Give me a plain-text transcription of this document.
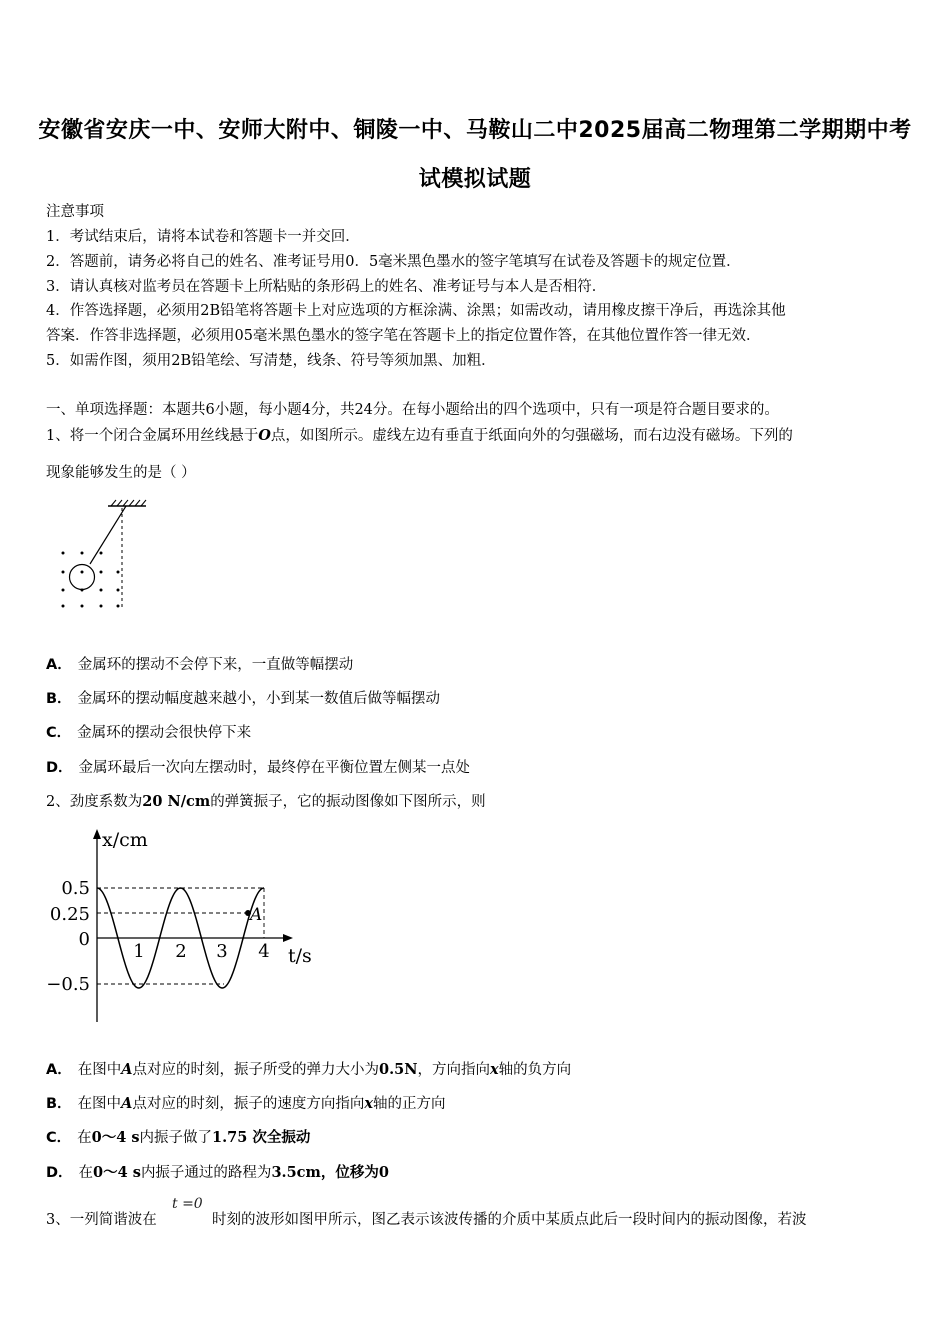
安徽省安庆一中、安师大附中、铜陵一中、马鞍山二中2025届高二物理第二学期期中考
试模拟试题
注意事项
1．考试结束后，请将本试卷和答题卡一并交回．
2．答题前，请务必将自己的姓名、准考证号用0．5毫米黑色墨水的签字笔填写在试卷及答题卡的规定位置．
3．请认真核对监考员在答题卡上所粘贴的条形码上的姓名、准考证号与本人是否相符．
4．作答选择题，必须用2B铅笔将答题卡上对应选项的方框涂满、涂黑；如需改动，请用橡皮擦干净后，再选涂其他
答案．作答非选择题，必须用05毫米黑色墨水的签字笔在答题卡上的指定位置作答，在其他位置作答一律无效．
5．如需作图，须用2B铅笔绘、写清楚，线条、符号等须加黑、加粗．
一、单项选择题：本题共6小题，每小题4分，共24分。在每小题给出的四个选项中，只有一项是符合题目要求的。
1、将一个闭合金属环用丝线悬于O点，如图所示。虚线左边有垂直于纸面向外的匀强磁场，而右边没有磁场。下列的
现象能够发生的是（ ）
A． 金属环的摆动不会停下来，一直做等幅摆动
B． 金属环的摆动幅度越来越小，小到某一数值后做等幅摆动
C． 金属环的摆动会很快停下来
D． 金属环最后一次向左摆动时，最终停在平衡位置左侧某一点处
2、劲度系数为20 N/cm的弹簧振子，它的振动图像如下图所示，则
A
0.5
0.25
0
−0.5
1 2 3 4
x/cm
t/s
A． 在图中A点对应的时刻，振子所受的弹力大小为0.5N，方向指向x轴的负方向
B． 在图中A点对应的时刻，振子的速度方向指向x轴的正方向
C． 在0～4 s内振子做了1.75 次全振动
D． 在0～4 s内振子通过的路程为3.5cm，位移为0
3、一列简谐波在
t =0
时刻的波形如图甲所示，图乙表示该波传播的介质中某质点此后一段时间内的振动图像，若波
